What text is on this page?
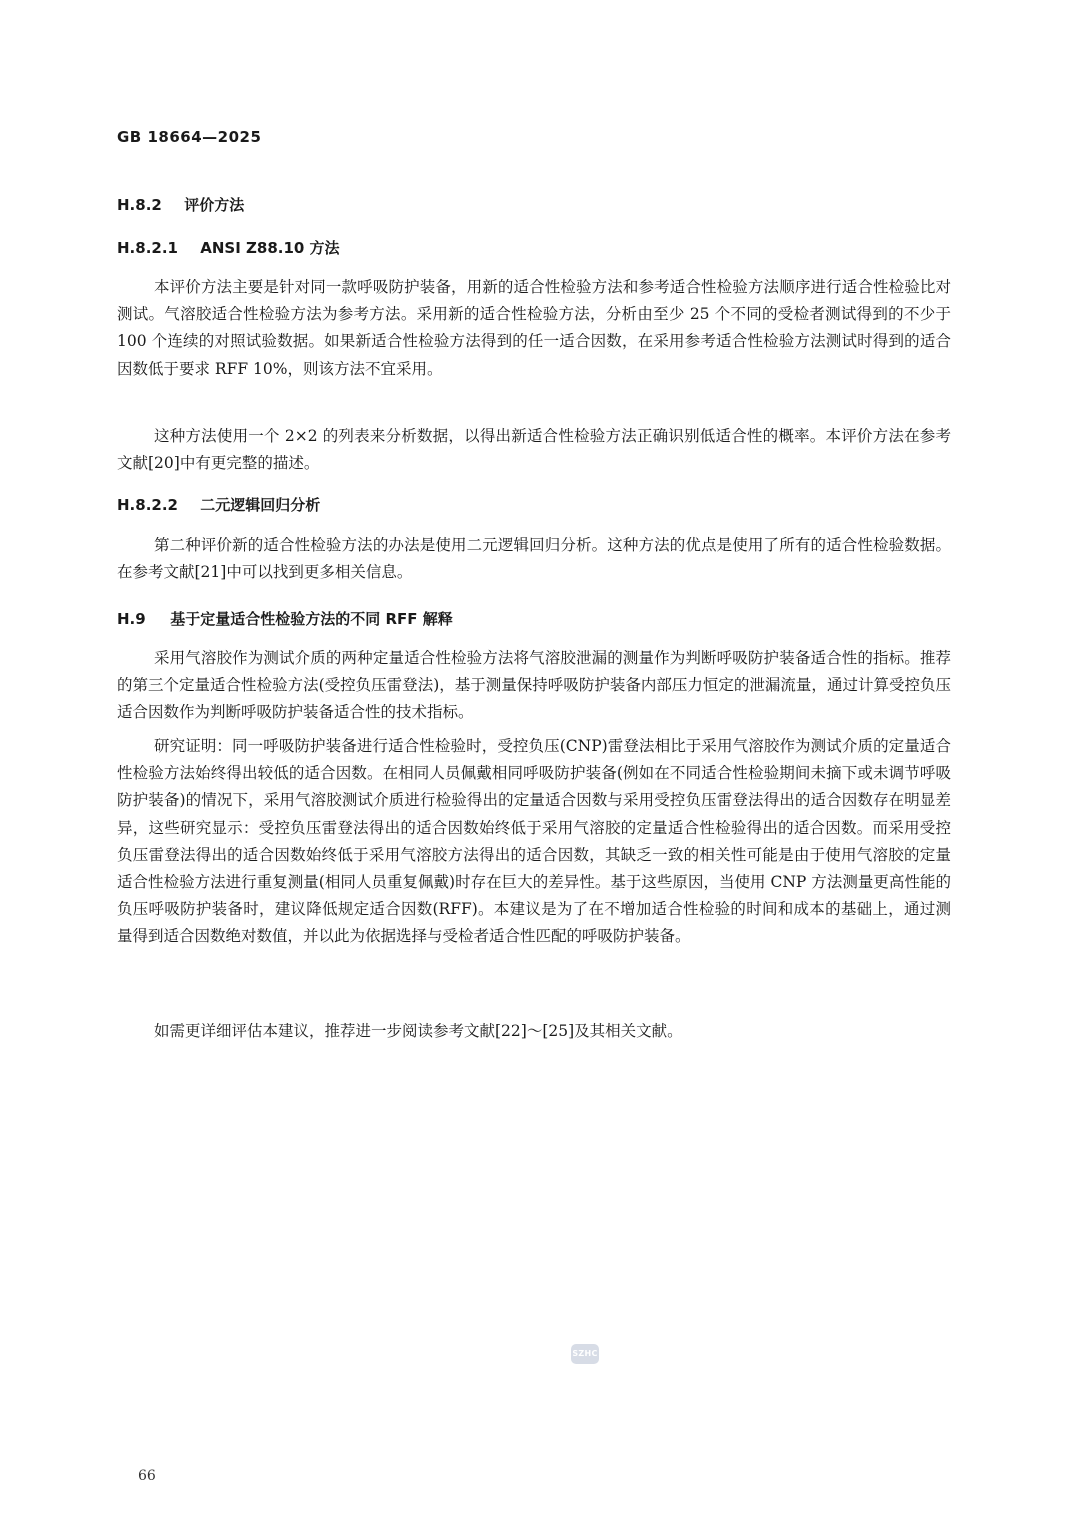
GB 18664—2025
H.8.2 评价方法
H.8.2.1 ANSI Z88.10 方法

本评价方法主要是针对同一款呼吸防护装备，用新的适合性检验方法和参考适合性检验方法顺序进行适合性检验比对测试。气溶胶适合性检验方法为参考方法。采用新的适合性检验方法，分析由至少 25 个不同的受检者测试得到的不少于 100 个连续的对照试验数据。如果新适合性检验方法得到的任一适合因数，在采用参考适合性检验方法测试时得到的适合因数低于要求 RFF 10%，则该方法不宜采用。

这种方法使用一个 2×2 的列表来分析数据，以得出新适合性检验方法正确识别低适合性的概率。本评价方法在参考文献[20]中有更完整的描述。

H.8.2.2 二元逻辑回归分析

第二种评价新的适合性检验方法的办法是使用二元逻辑回归分析。这种方法的优点是使用了所有的适合性检验数据。在参考文献[21]中可以找到更多相关信息。

H.9 基于定量适合性检验方法的不同 RFF 解释

采用气溶胶作为测试介质的两种定量适合性检验方法将气溶胶泄漏的测量作为判断呼吸防护装备适合性的指标。推荐的第三个定量适合性检验方法(受控负压雷登法)，基于测量保持呼吸防护装备内部压力恒定的泄漏流量，通过计算受控负压适合因数作为判断呼吸防护装备适合性的技术指标。

研究证明：同一呼吸防护装备进行适合性检验时，受控负压(CNP)雷登法相比于采用气溶胶作为测试介质的定量适合性检验方法始终得出较低的适合因数。在相同人员佩戴相同呼吸防护装备(例如在不同适合性检验期间未摘下或未调节呼吸防护装备)的情况下，采用气溶胶测试介质进行检验得出的定量适合因数与采用受控负压雷登法得出的适合因数存在明显差异，这些研究显示：受控负压雷登法得出的适合因数始终低于采用气溶胶的定量适合性检验得出的适合因数。而采用受控负压雷登法得出的适合因数始终低于采用气溶胶方法得出的适合因数，其缺乏一致的相关性可能是由于使用气溶胶的定量适合性检验方法进行重复测量(相同人员重复佩戴)时存在巨大的差异性。基于这些原因，当使用 CNP 方法测量更高性能的负压呼吸防护装备时，建议降低规定适合因数(RFF)。本建议是为了在不增加适合性检验的时间和成本的基础上，通过测量得到适合因数绝对数值，并以此为依据选择与受检者适合性匹配的呼吸防护装备。

如需更详细评估本建议，推荐进一步阅读参考文献[22]～[25]及其相关文献。

SZHC
66
